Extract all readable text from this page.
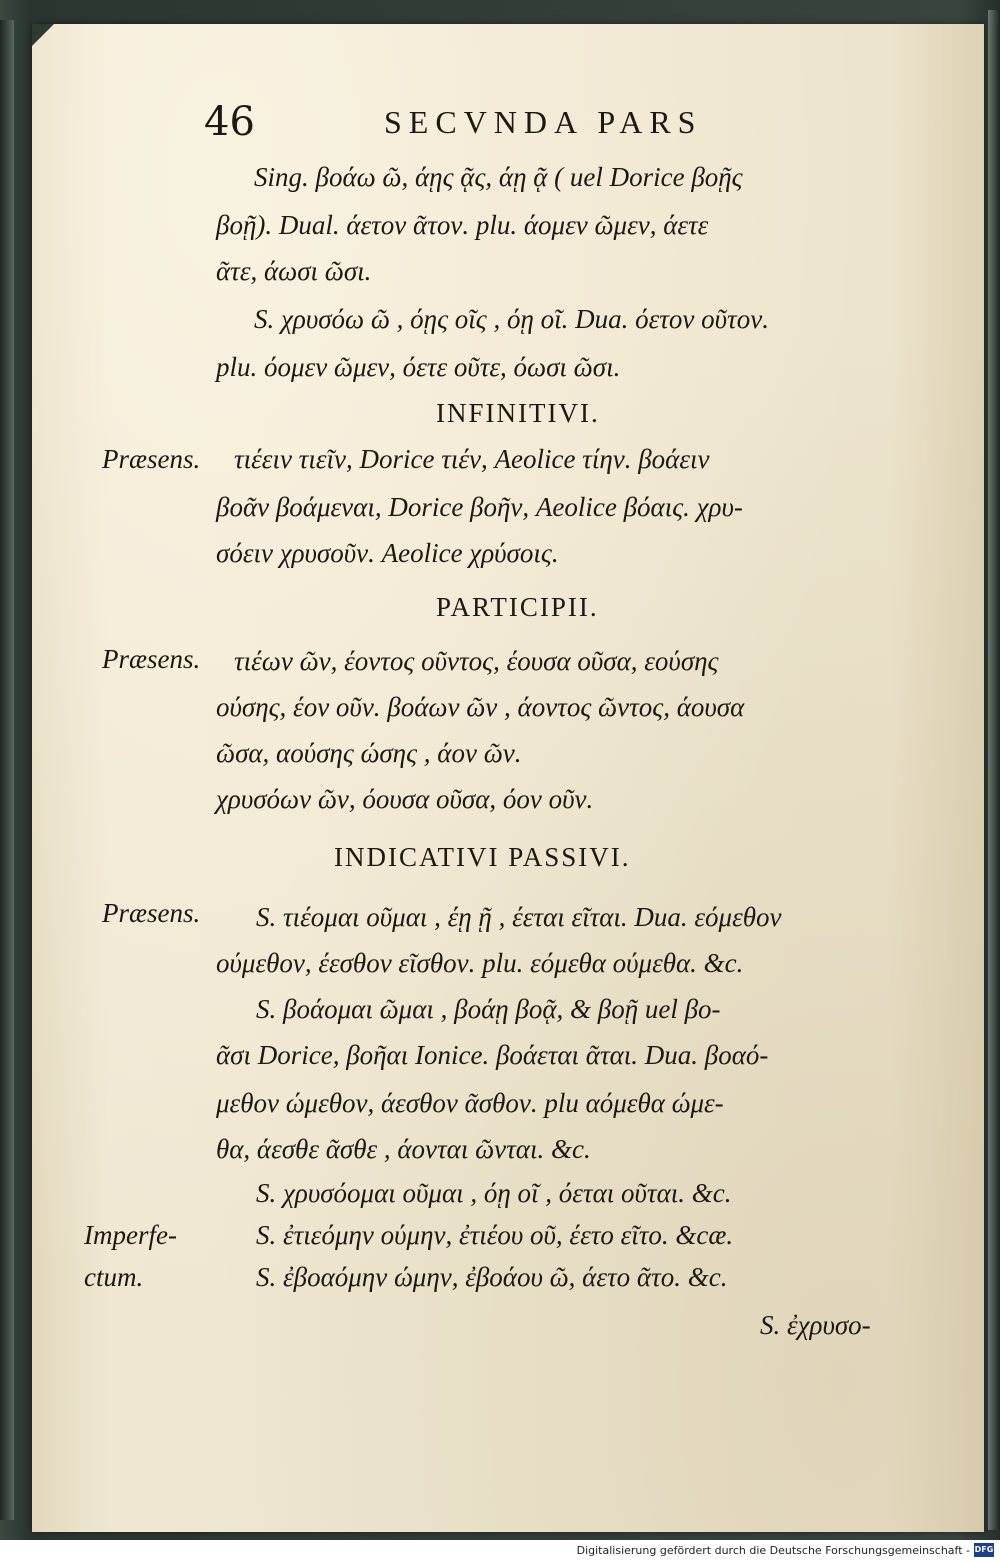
46	SECVNDA PARS
Sing. βοάω ῶ, άῃς ᾷς, άῃ ᾷ ( uel Dorice βοῇς
βοῇ). Dual. άετον ᾶτον. plu. άομεν ῶμεν, άετε
ᾶτε, άωσι ῶσι.
S. χρυσόω ῶ , όῃς οῖς , όῃ οῖ. Dua. όετον οῦτον.
plu. όομεν ῶμεν, όετε οῦτε, όωσι ῶσι.
INFINITIVI.
Præsens. τιέειν τιεῖν, Dorice τιέν, Aeolice τίην. βοάειν
βοᾶν βοάμεναι, Dorice βοῆν, Aeolice βόαις. χρυ-
σόειν χρυσοῦν. Aeolice χρύσοις.
PARTICIPII.
Præsens. τιέων ῶν, έοντος οῦντος, έουσα οῦσα, εούσης
ούσης, έον οῦν. βοάων ῶν , άοντος ῶντος, άουσα
ῶσα, αούσης ώσης , άον ῶν.
χρυσόων ῶν, όουσα οῦσα, όον οῦν.
INDICATIVI PASSIVI.
Præsens. S. τιέομαι οῦμαι , έῃ ῇ , έεται εῖται. Dua. εόμεθον
ούμεθον, έεσθον εῖσθον. plu. εόμεθα ούμεθα. &c.
S. βοάομαι ῶμαι , βοάῃ βοᾷ, & βοῇ uel βο-
ᾶσι Dorice, βοῆαι Ionice. βοάεται ᾶται. Dua. βοαό-
μεθον ώμεθον, άεσθον ᾶσθον. plu αόμεθα ώμε-
θα, άεσθε ᾶσθε , άονται ῶνται. &c.
S. χρυσόομαι οῦμαι , όῃ οῖ , όεται οῦται. &c.
Imperfe-	S. ἐτιεόμην ούμην, ἐτιέου οῦ, έετο εῖτο. &cæ.
ctum.	S. ἐβοαόμην ώμην, ἐβοάου ῶ, άετο ᾶτο. &c.
S. ἐχρυσο-
Digitalisierung gefördert durch die Deutsche Forschungsgemeinschaft - DFG
